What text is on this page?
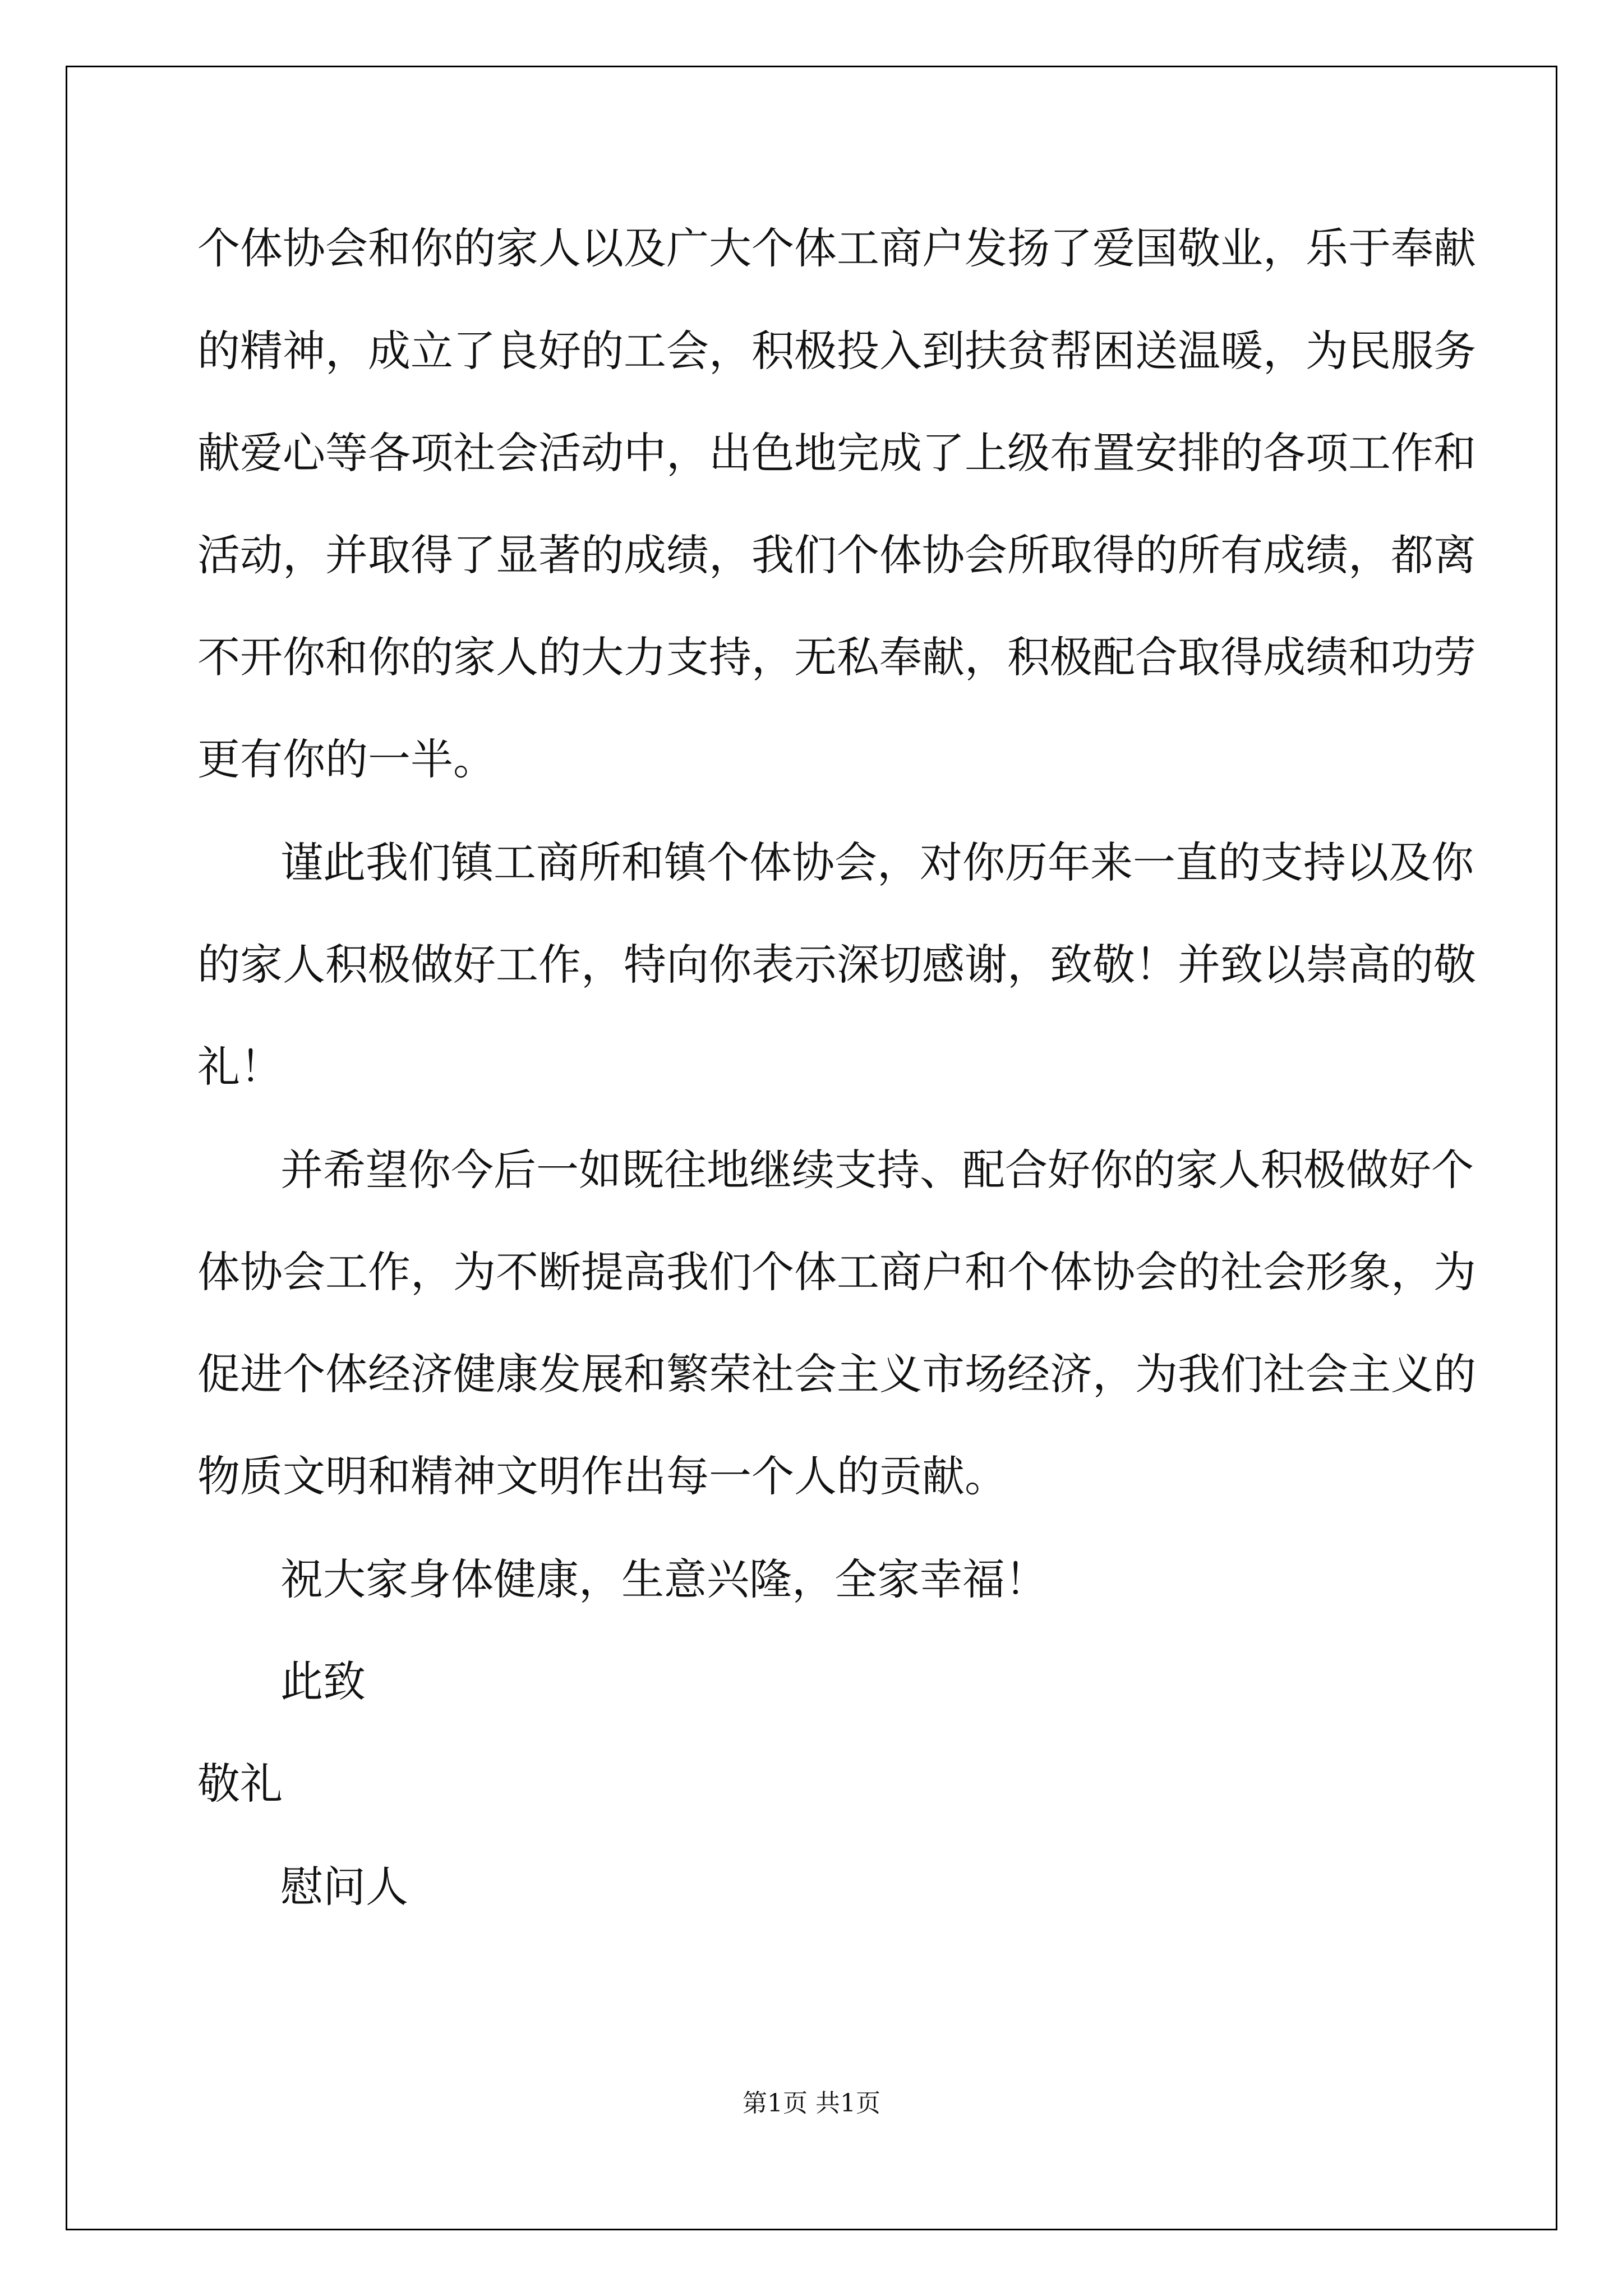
个体协会和你的家人以及广大个体工商户发扬了爱国敬业，乐于奉献
的精神，成立了良好的工会，积极投入到扶贫帮困送温暖，为民服务
献爱心等各项社会活动中，出色地完成了上级布置安排的各项工作和
活动，并取得了显著的成绩，我们个体协会所取得的所有成绩，都离
不开你和你的家人的大力支持，无私奉献，积极配合取得成绩和功劳
更有你的一半。
谨此我们镇工商所和镇个体协会，对你历年来一直的支持以及你
的家人积极做好工作，特向你表示深切感谢，致敬！并致以崇高的敬
礼！
并希望你今后一如既往地继续支持、配合好你的家人积极做好个
体协会工作，为不断提高我们个体工商户和个体协会的社会形象，为
促进个体经济健康发展和繁荣社会主义市场经济，为我们社会主义的
物质文明和精神文明作出每一个人的贡献。
祝大家身体健康，生意兴隆，全家幸福！
此致
敬礼
慰问人
第1页 共1页
